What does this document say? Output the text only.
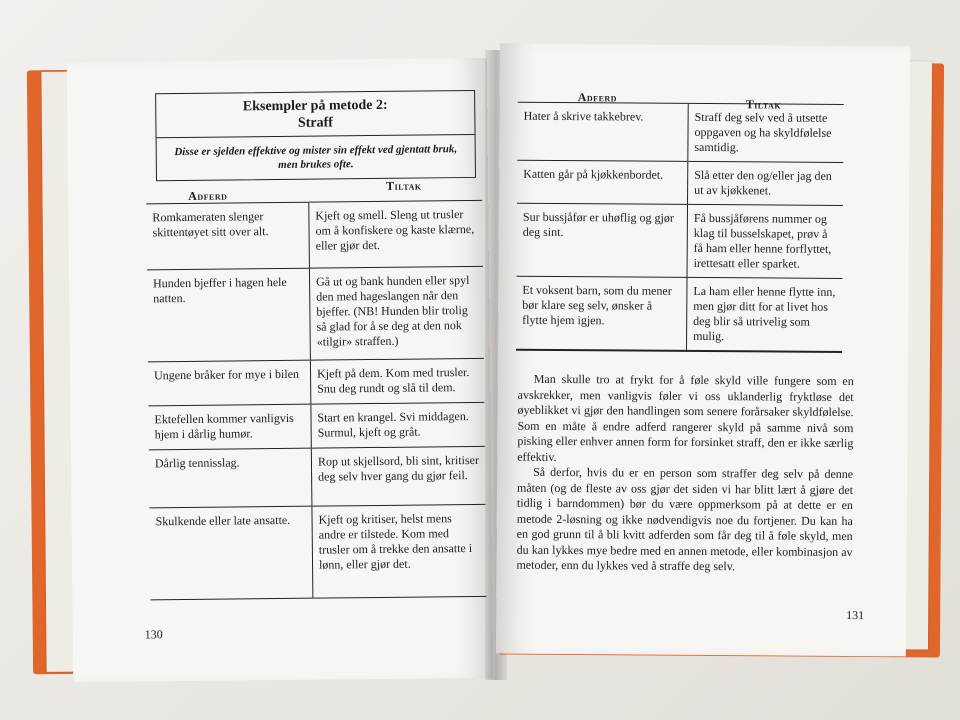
Eksempler på metode 2:
Straff
Disse er sjelden effektive og mister sin effekt ved gjentatt bruk, men brukes ofte.
Adferd
Tiltak
Romkameraten slenger skittentøyet sitt over alt.	Kjeft og smell. Sleng ut trusler om å konfiskere og kaste klærne, eller gjør det.
Hunden bjeffer i hagen hele natten.	Gå ut og bank hunden eller spyl den med hageslangen når den bjeffer. (NB! Hunden blir trolig så glad for å se deg at den nok «tilgir» straffen.)
Ungene bråker for mye i bilen	Kjeft på dem. Kom med trusler. Snu deg rundt og slå til dem.
Ektefellen kommer vanligvis hjem i dårlig humør.	Start en krangel. Svi middagen. Surmul, kjeft og gråt.
Dårlig tennisslag.	Rop ut skjellsord, bli sint, kritiser deg selv hver gang du gjør feil.
Skulkende eller late ansatte.	Kjeft og kritiser, helst mens andre er tilstede. Kom med trusler om å trekke den ansatte i lønn, eller gjør det.
130
Adferd
Tiltak
Hater å skrive takkebrev.	Straff deg selv ved å utsette oppgaven og ha skyldfølelse samtidig.
Katten går på kjøkkenbordet.	Slå etter den og/eller jag den ut av kjøkkenet.
Sur bussjåfør er uhøflig og gjør deg sint.	Få bussjåførens nummer og klag til busselskapet, prøv å få ham eller henne forflyttet, irettesatt eller sparket.
Et voksent barn, som du mener bør klare seg selv, ønsker å flytte hjem igjen.	La ham eller henne flytte inn, men gjør ditt for at livet hos deg blir så utrivelig som mulig.

Man skulle tro at frykt for å føle skyld ville fungere som en avskrekker, men vanligvis føler vi oss uklanderlig fryktløse det øyeblikket vi gjør den handlingen som senere forårsaker skyldfølelse. Som en måte å endre adferd rangerer skyld på samme nivå som pisking eller enhver annen form for forsinket straff, den er ikke særlig effektiv.

Så derfor, hvis du er en person som straffer deg selv på denne måten (og de fleste av oss gjør det siden vi har blitt lært å gjøre det tidlig i barndommen) bør du være oppmerksom på at dette er en metode 2-løsning og ikke nødvendigvis noe du fortjener. Du kan ha en god grunn til å bli kvitt adferden som får deg til å føle skyld, men du kan lykkes mye bedre med en annen metode, eller kombinasjon av metoder, enn du lykkes ved å straffe deg selv.

131
